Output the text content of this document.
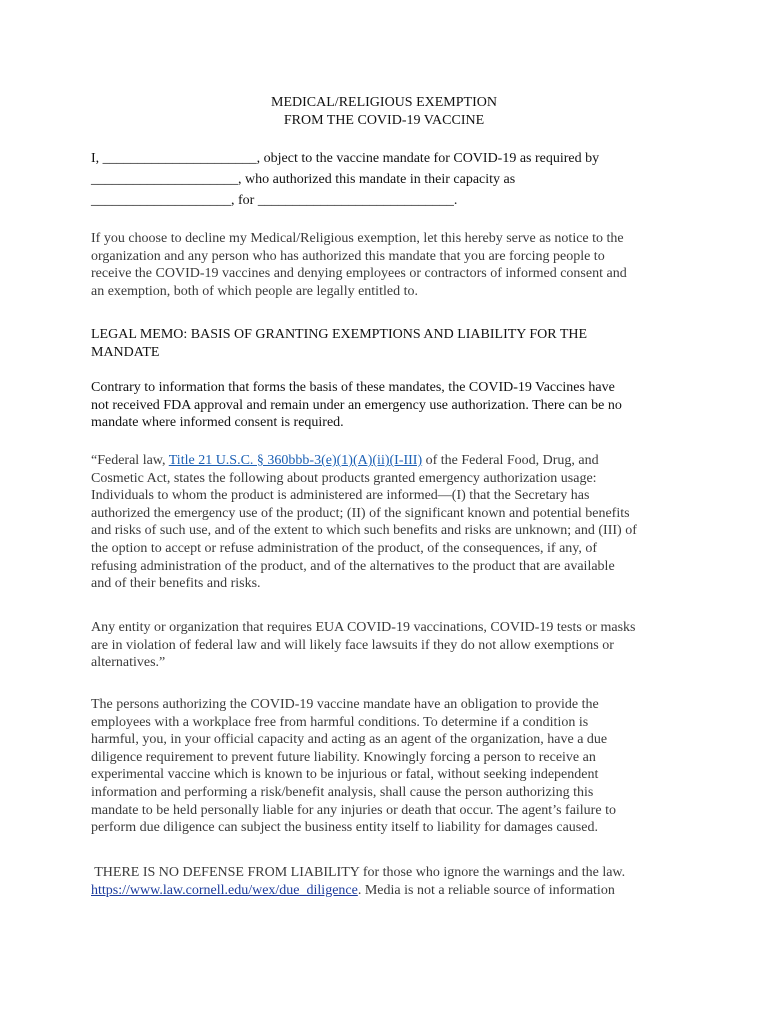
MEDICAL/RELIGIOUS EXEMPTION
FROM THE COVID-19 VACCINE
I, ______________________, object to the vaccine mandate for COVID-19 as required by
_____________________, who authorized this mandate in their capacity as
____________________, for ____________________________.
If you choose to decline my Medical/Religious exemption, let this hereby serve as notice to the
organization and any person who has authorized this mandate that you are forcing people to
receive the COVID-19 vaccines and denying employees or contractors of informed consent and
an exemption, both of which people are legally entitled to.
LEGAL MEMO: BASIS OF GRANTING EXEMPTIONS AND LIABILITY FOR THE
MANDATE
Contrary to information that forms the basis of these mandates, the COVID-19 Vaccines have
not received FDA approval and remain under an emergency use authorization. There can be no
mandate where informed consent is required.
“Federal law, Title 21 U.S.C. § 360bbb-3(e)(1)(A)(ii)(I-III) of the Federal Food, Drug, and
Cosmetic Act, states the following about products granted emergency authorization usage:
Individuals to whom the product is administered are informed—(I) that the Secretary has
authorized the emergency use of the product; (II) of the significant known and potential benefits
and risks of such use, and of the extent to which such benefits and risks are unknown; and (III) of
the option to accept or refuse administration of the product, of the consequences, if any, of
refusing administration of the product, and of the alternatives to the product that are available
and of their benefits and risks.
Any entity or organization that requires EUA COVID-19 vaccinations, COVID-19 tests or masks
are in violation of federal law and will likely face lawsuits if they do not allow exemptions or
alternatives.”
The persons authorizing the COVID-19 vaccine mandate have an obligation to provide the
employees with a workplace free from harmful conditions. To determine if a condition is
harmful, you, in your official capacity and acting as an agent of the organization, have a due
diligence requirement to prevent future liability. Knowingly forcing a person to receive an
experimental vaccine which is known to be injurious or fatal, without seeking independent
information and performing a risk/benefit analysis, shall cause the person authorizing this
mandate to be held personally liable for any injuries or death that occur. The agent’s failure to
perform due diligence can subject the business entity itself to liability for damages caused.
THERE IS NO DEFENSE FROM LIABILITY for those who ignore the warnings and the law.
https://www.law.cornell.edu/wex/due_diligence. Media is not a reliable source of information
